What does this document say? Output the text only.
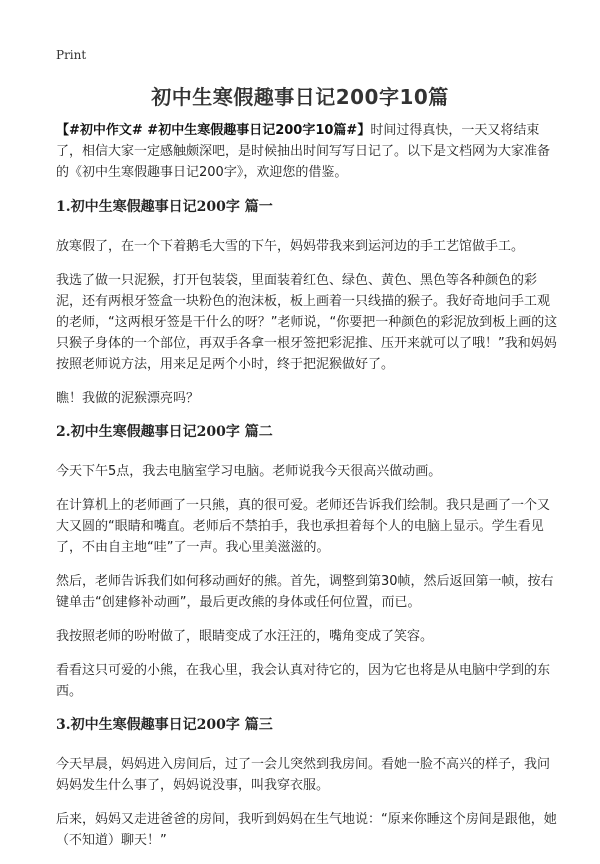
Print
初中生寒假趣事日记200字10篇

【#初中作文# #初中生寒假趣事日记200字10篇#】时间过得真快，一天又将结束了，相信大家一定感触颇深吧，是时候抽出时间写写日记了。以下是文档网为大家准备的《初中生寒假趣事日记200字》，欢迎您的借鉴。

1.初中生寒假趣事日记200字 篇一

放寒假了，在一个下着鹅毛大雪的下午，妈妈带我来到运河边的手工艺馆做手工。

我选了做一只泥猴，打开包装袋，里面装着红色、绿色、黄色、黑色等各种颜色的彩泥，还有两根牙签盒一块粉色的泡沫板，板上画着一只线描的猴子。我好奇地问手工观的老师，“这两根牙签是干什么的呀？”老师说，“你要把一种颜色的彩泥放到板上画的这只猴子身体的一个部位，再双手各拿一根牙签把彩泥推、压开来就可以了哦！”我和妈妈按照老师说方法，用来足足两个小时，终于把泥猴做好了。

瞧！我做的泥猴漂亮吗？

2.初中生寒假趣事日记200字 篇二

今天下午5点，我去电脑室学习电脑。老师说我今天很高兴做动画。

在计算机上的老师画了一只熊，真的很可爱。老师还告诉我们绘制。我只是画了一个又大又圆的“眼睛和嘴直。老师后不禁拍手，我也承担着每个人的电脑上显示。学生看见了，不由自主地“哇”了一声。我心里美滋滋的。

然后，老师告诉我们如何移动画好的熊。首先，调整到第30帧，然后返回第一帧，按右键单击“创建修补动画”，最后更改熊的身体或任何位置，而已。

我按照老师的吩咐做了，眼睛变成了水汪汪的，嘴角变成了笑容。

看看这只可爱的小熊，在我心里，我会认真对待它的，因为它也将是从电脑中学到的东西。

3.初中生寒假趣事日记200字 篇三

今天早晨，妈妈进入房间后，过了一会儿突然到我房间。看她一脸不高兴的样子，我问妈妈发生什么事了，妈妈说没事，叫我穿衣服。

后来，妈妈又走进爸爸的房间，我听到妈妈在生气地说：“原来你睡这个房间是跟他，她（不知道）聊天！”
